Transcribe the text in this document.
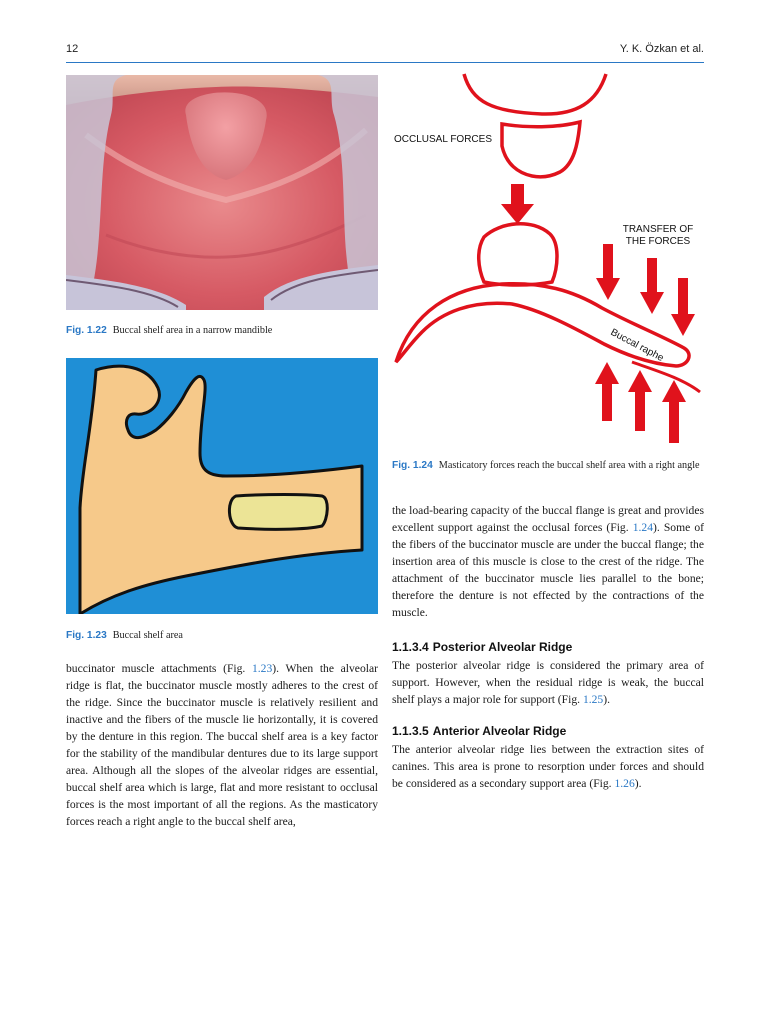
12	Y. K. Özkan et al.
Fig. 1.22 Buccal shelf area in a narrow mandible
Fig. 1.23 Buccal shelf area
OCCLUSAL FORCES
TRANSFER OF
THE FORCES
Buccal raphe
Fig. 1.24 Masticatory forces reach the buccal shelf area with a right angle

buccinator muscle attachments (Fig. 1.23). When the alveolar ridge is flat, the buccinator muscle mostly adheres to the crest of the ridge. Since the buccinator muscle is relatively resilient and inactive and the fibers of the muscle lie horizontally, it is covered by the denture in this region. The buccal shelf area is a key factor for the stability of the mandibular dentures due to its large support area. Although all the slopes of the alveolar ridges are essential, buccal shelf area which is large, flat and more resistant to occlusal forces is the most important of all the regions. As the masticatory forces reach a right angle to the buccal shelf area,

the load-bearing capacity of the buccal flange is great and provides excellent support against the occlusal forces (Fig. 1.24). Some of the fibers of the buccinator muscle are under the buccal flange; the insertion area of this muscle is close to the crest of the ridge. The attachment of the buccinator muscle lies parallel to the bone; therefore the denture is not effected by the contractions of the muscle.

1.1.3.4 Posterior Alveolar Ridge

The posterior alveolar ridge is considered the primary area of support. However, when the residual ridge is weak, the buccal shelf plays a major role for support (Fig. 1.25).

1.1.3.5 Anterior Alveolar Ridge

The anterior alveolar ridge lies between the extraction sites of canines. This area is prone to resorption under forces and should be considered as a secondary support area (Fig. 1.26).
